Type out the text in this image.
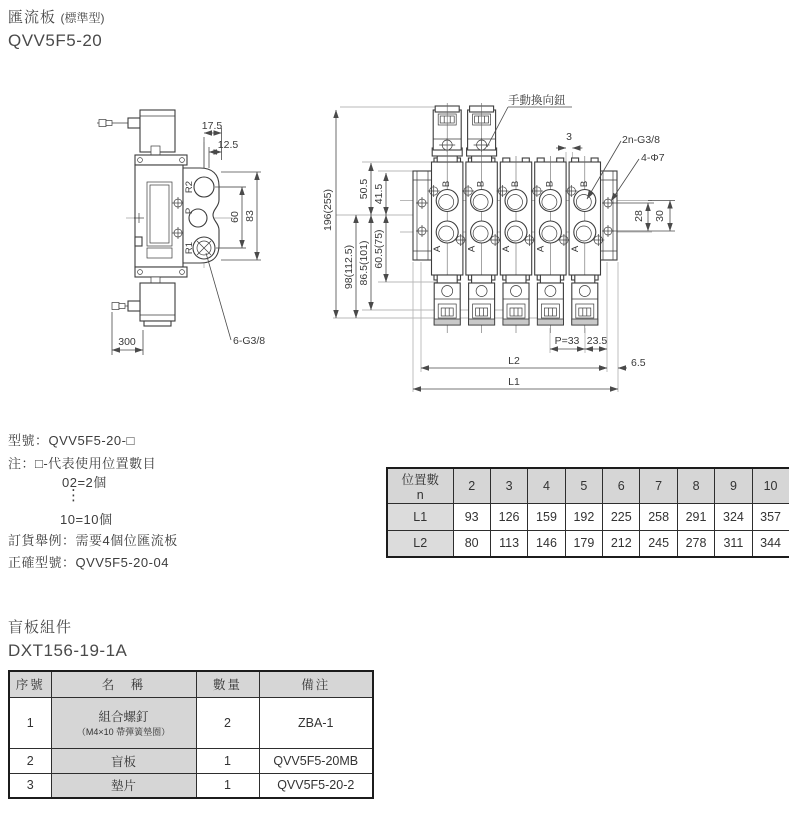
匯流板 (標準型)
QVV5F5-20
R2
P
R1
17.5
12.5
60 83
300	6-G3/8
B
A
B
A
B
A
B
A
B
A
196(255)
98(112.5) 86.5(101) 60.5(75)
50.5 41.5
手動換向鈕
3	2n-G3/8
4-Φ7
28 30
P=33 23.5
6.5
L2
L1
型號：QVV5F5-20-□
注：□-代表使用位置數目
02=2個
⋮
10=10個
訂貨舉例：需要4個位匯流板
正確型號：QVV5F5-20-04
位置數
n	2	3	4	5	6	7	8	9	10
L1	93	126	159	192	225	258	291	324	357
L2	80	113	146	179	212	245	278	311	344
盲板組件
DXT156-19-1A
序號	名　稱	數量	備注
1	組合螺釘
（M4×10 帶彈簧墊圈）	2	ZBA-1
2	盲板	1	QVV5F5-20MB
3	墊片	1	QVV5F5-20-2
